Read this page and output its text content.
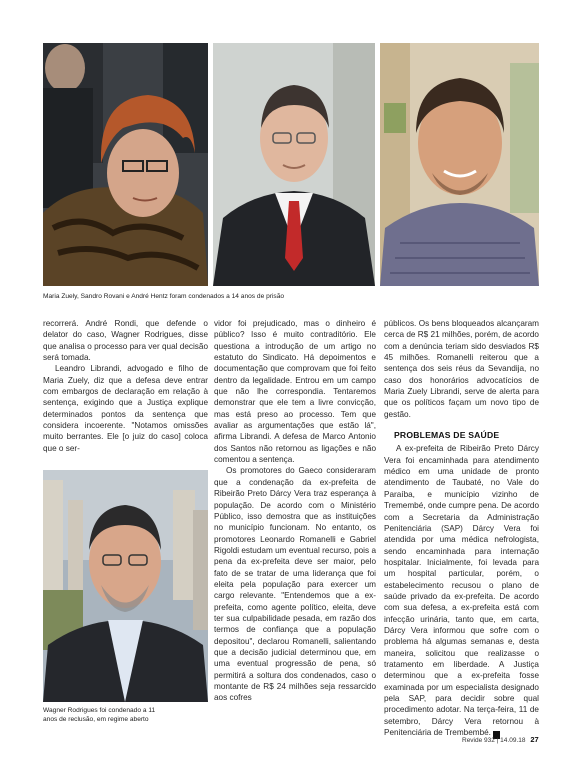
Maria Zuely, Sandro Rovani e André Hentz foram condenados a 14 anos de prisão

recorrerá. André Rondi, que defende o delator do caso, Wagner Rodrigues, disse que analisa o processo para ver qual decisão será tomada.

Leandro Librandi, advogado e filho de Maria Zuely, diz que a defesa deve entrar com embargos de declaração em relação à sentença, exigindo que a Justiça explique determinados pontos da sentença que considera incoerente. "Notamos omissões muito berrantes. Ele [o juiz do caso] coloca que o ser-

Wagner Rodrigues foi condenado a 11
anos de reclusão, em regime aberto

vidor foi prejudicado, mas o dinheiro é público? Isso é muito contraditório. Ele questiona a introdução de um artigo no estatuto do Sindicato. Há depoimentos e documentação que comprovam que foi feito dentro da legalidade. Entrou em um campo que não lhe correspondia. Tentaremos demonstrar que ele tem a livre convicção, mas está preso ao processo. Tem que avaliar as argumentações que estão lá", afirma Librandi. A defesa de Marco Antonio dos Santos não retornou as ligações e não comentou a sentença.

Os promotores do Gaeco consideraram que a condenação da ex-prefeita de Ribeirão Preto Dárcy Vera traz esperança à população. De acordo com o Ministério Público, isso demostra que as instituições no município funcionam. No entanto, os promotores Leonardo Romanelli e Gabriel Rigoldi estudam um eventual recurso, pois a pena da ex-prefeita deve ser maior, pelo fato de se tratar de uma liderança que foi eleita pela população para exercer um cargo relevante. "Entendemos que a ex-prefeita, como agente político, eleita, deve ter sua culpabilidade pesada, em razão dos termos de confiança que a população depositou", declarou Romanelli, salientando que a decisão judicial determinou que, em uma eventual progressão de pena, só permitirá a soltura dos condenados, caso o montante de R$ 24 milhões seja ressarcido aos cofres

públicos. Os bens bloqueados alcançaram cerca de R$ 21 milhões, porém, de acordo com a denúncia teriam sido desviados R$ 45 milhões. Romanelli reiterou que a sentença dos seis réus da Sevandija, no caso dos honorários advocatícios de Maria Zuely Librandi, serve de alerta para que os políticos façam um novo tipo de gestão.

PROBLEMAS DE SAÚDE

A ex-prefeita de Ribeirão Preto Dárcy Vera foi encaminhada para atendimento médico em uma unidade de pronto atendimento de Taubaté, no Vale do Paraíba, e município vizinho de Tremembé, onde cumpre pena. De acordo com a Secretaria da Administração Penitenciária (SAP) Dárcy Vera foi atendida por uma médica nefrologista, sendo encaminhada para internação hospitalar. Inicialmente, foi levada para um hospital particular, porém, o estabelecimento recusou o plano de saúde privado da ex-prefeita. De acordo com sua defesa, a ex-prefeita está com infecção urinária, tanto que, em carta, Dárcy Vera informou que sofre com o problema há algumas semanas e, desta maneira, solicitou que realizasse o tratamento em liberdade. A Justiça determinou que a ex-prefeita fosse examinada por um especialista designado pela SAP, para decidir sobre qual procedimento adotar. Na terça-feira, 11 de setembro, Dárcy Vera retornou à Penitenciária de Trembembé. R

Revide 932 | 14.09.18 27
